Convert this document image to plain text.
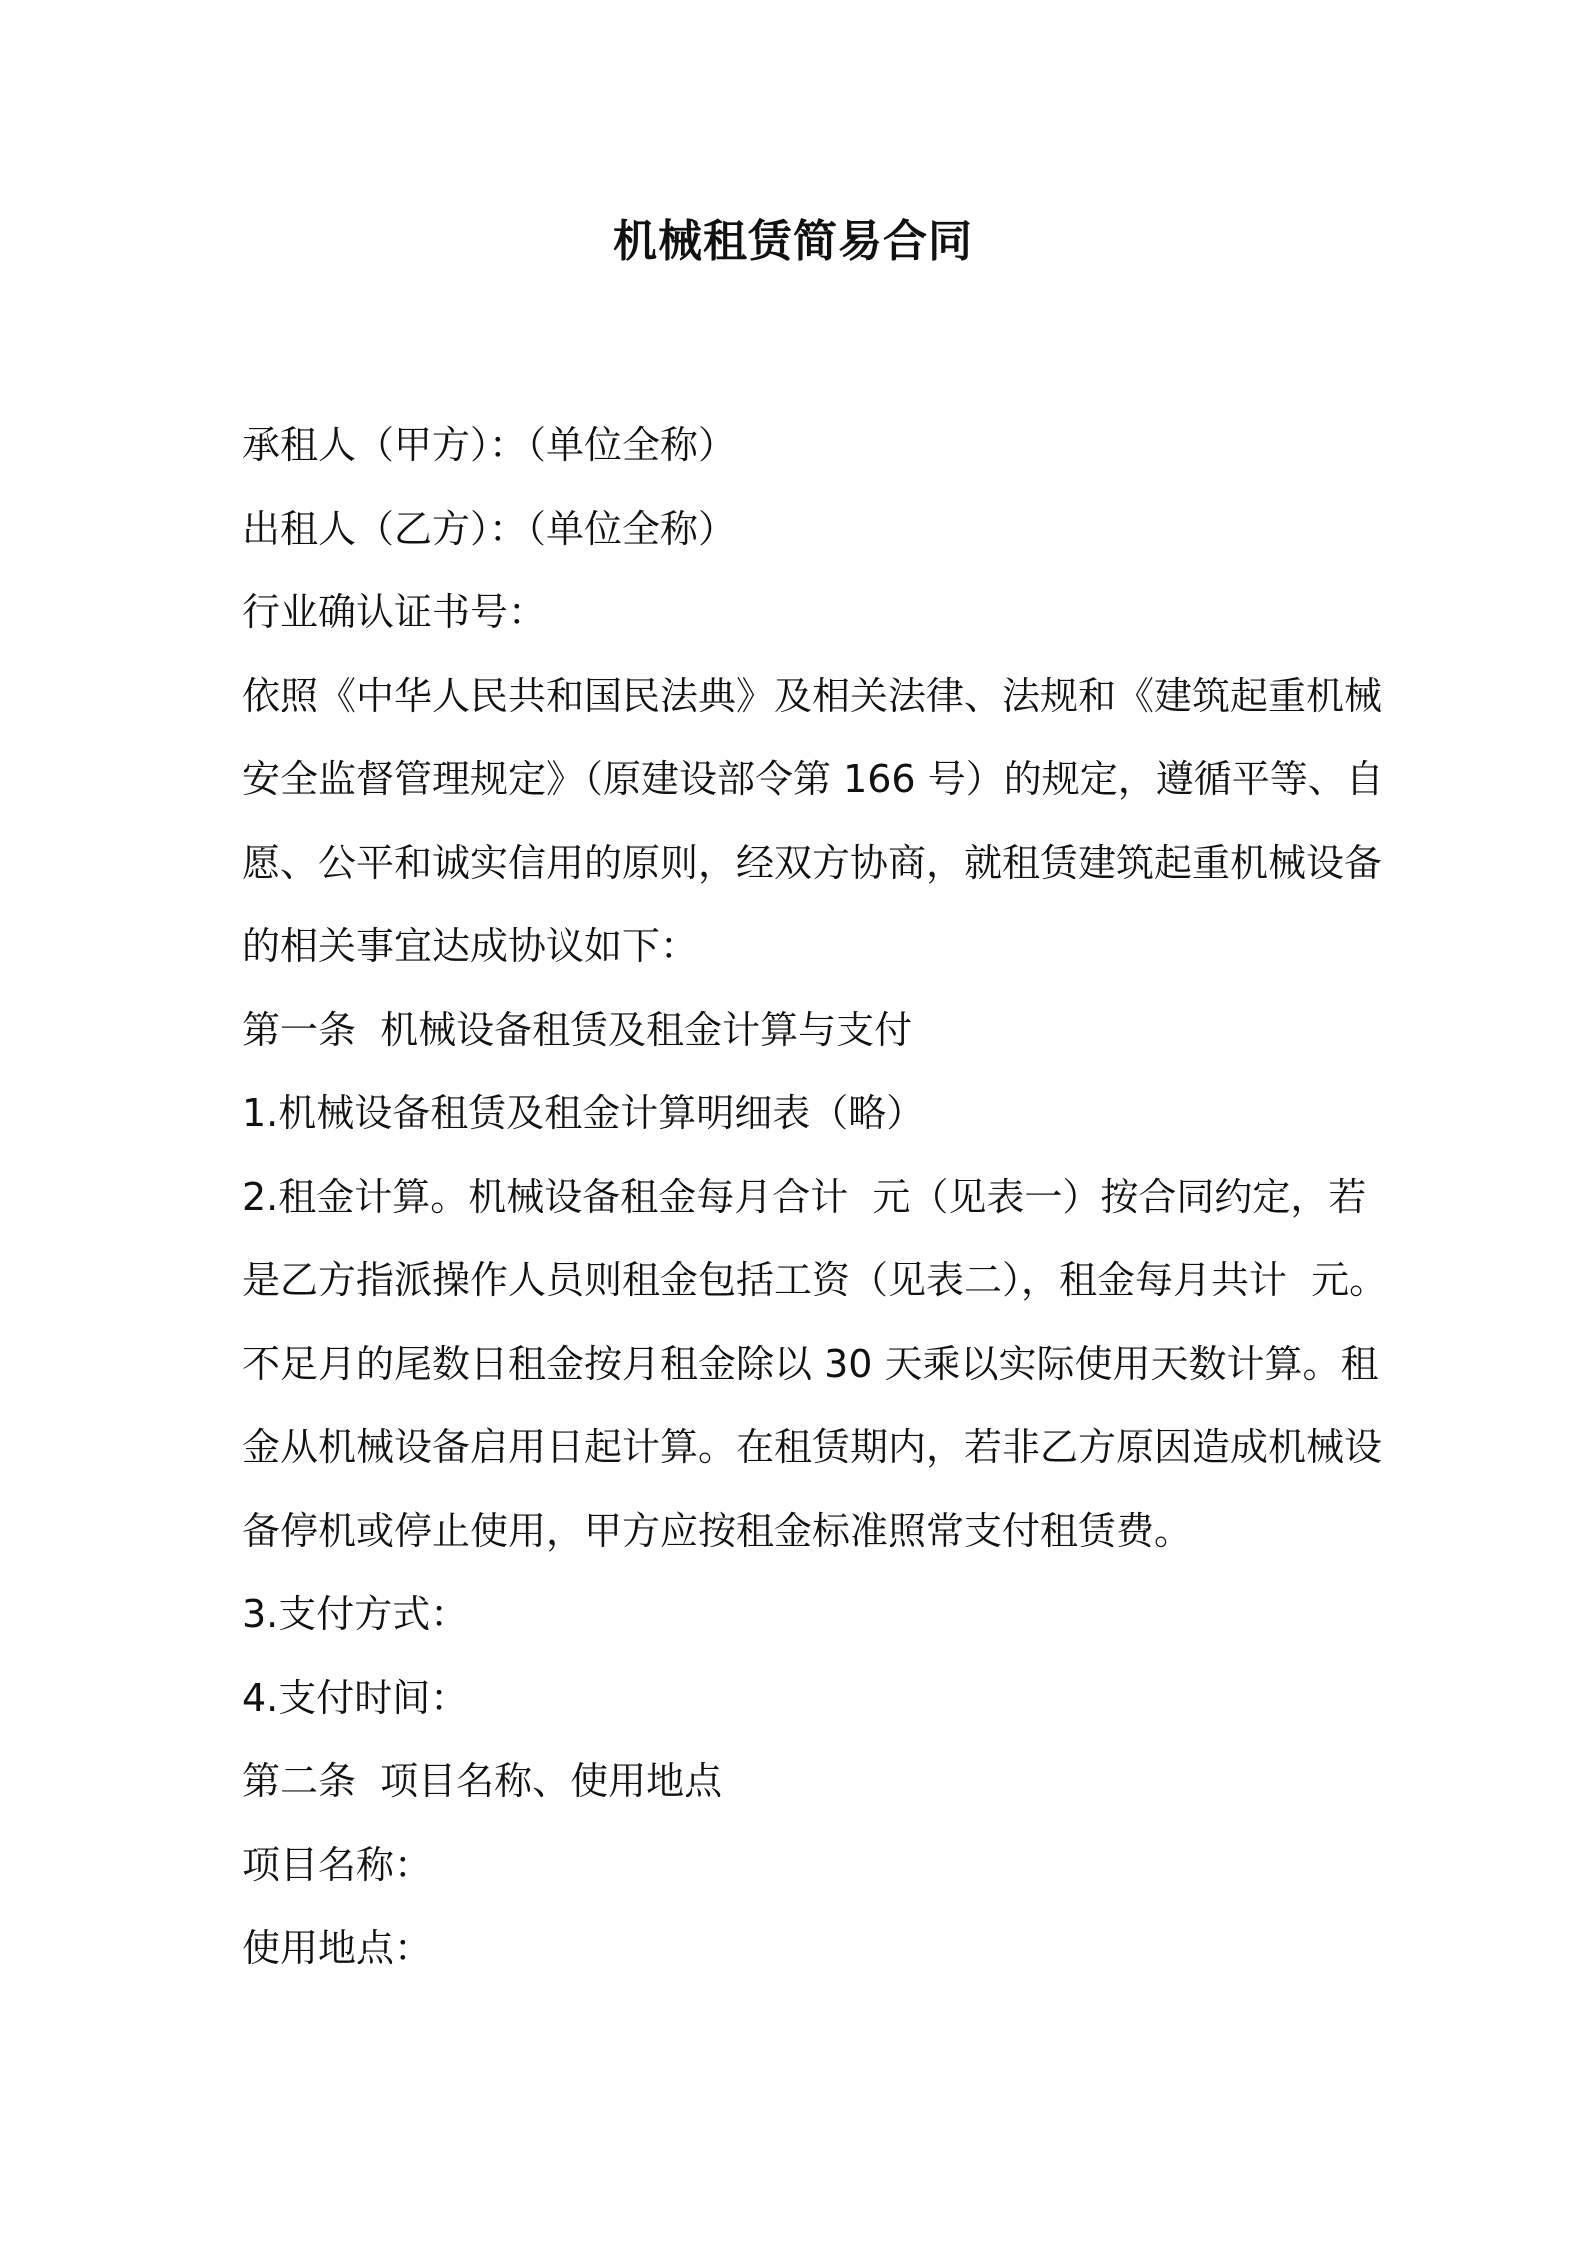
机械租赁简易合同
承租人（甲方）：（单位全称）
出租人（乙方）：（单位全称）
行业确认证书号：
依照《中华人民共和国民法典》及相关法律、法规和《建筑起重机械
安全监督管理规定》（原建设部令第 166 号）的规定，遵循平等、自
愿、公平和诚实信用的原则，经双方协商，就租赁建筑起重机械设备
的相关事宜达成协议如下：
第一条  机械设备租赁及租金计算与支付
1.机械设备租赁及租金计算明细表（略）
2.租金计算。机械设备租金每月合计  元（见表一）按合同约定，若
是乙方指派操作人员则租金包括工资（见表二），租金每月共计  元。
不足月的尾数日租金按月租金除以 30 天乘以实际使用天数计算。租
金从机械设备启用日起计算。在租赁期内，若非乙方原因造成机械设
备停机或停止使用，甲方应按租金标准照常支付租赁费。
3.支付方式：
4.支付时间：
第二条  项目名称、使用地点
项目名称：
使用地点：
